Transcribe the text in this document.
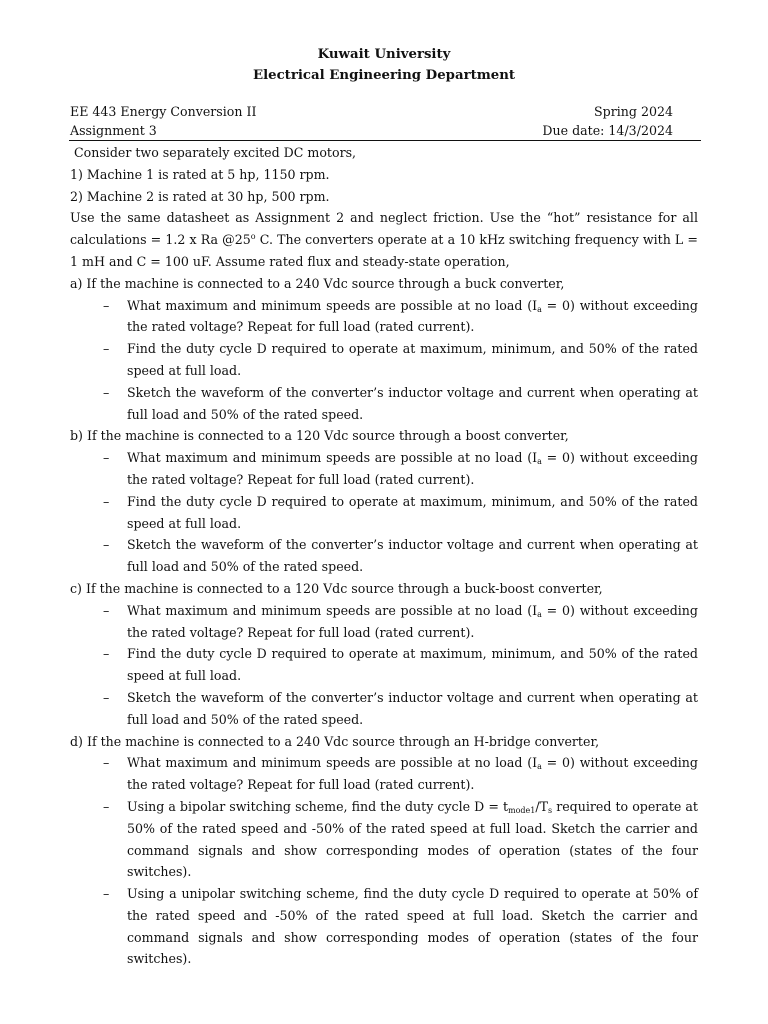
Kuwait University
Electrical Engineering Department
EE 443 Energy Conversion II	Spring 2024
Assignment 3	Due date: 14/3/2024

Consider two separately excited DC motors,

1) Machine 1 is rated at 5 hp, 1150 rpm.

2) Machine 2 is rated at 30 hp, 500 rpm.

Use the same datasheet as Assignment 2 and neglect friction. Use the “hot” resistance for all calculations = 1.2 x Ra @25$^o$ C. The converters operate at a 10 kHz switching frequency with L = 1 mH and C = 100 uF. Assume rated flux and steady-state operation,

a) If the machine is connected to a 240 Vdc source through a buck converter,

– What maximum and minimum speeds are possible at no load $(I_a = 0)$ without exceeding the rated voltage? Repeat for full load (rated current).
– Find the duty cycle D required to operate at maximum, minimum, and 50% of the rated speed at full load.
– Sketch the waveform of the converter’s inductor voltage and current when operating at full load and 50% of the rated speed.

b) If the machine is connected to a 120 Vdc source through a boost converter,

– What maximum and minimum speeds are possible at no load $(I_a = 0)$ without exceeding the rated voltage? Repeat for full load (rated current).
– Find the duty cycle D required to operate at maximum, minimum, and 50% of the rated speed at full load.
– Sketch the waveform of the converter’s inductor voltage and current when operating at full load and 50% of the rated speed.

c) If the machine is connected to a 120 Vdc source through a buck-boost converter,

– What maximum and minimum speeds are possible at no load $(I_a = 0)$ without exceeding the rated voltage? Repeat for full load (rated current).
– Find the duty cycle D required to operate at maximum, minimum, and 50% of the rated speed at full load.
– Sketch the waveform of the converter’s inductor voltage and current when operating at full load and 50% of the rated speed.

d) If the machine is connected to a 240 Vdc source through an H-bridge converter,

– What maximum and minimum speeds are possible at no load $(I_a = 0)$ without exceeding the rated voltage? Repeat for full load (rated current).
– Using a bipolar switching scheme, find the duty cycle $D = t_{mode1}/T_s$ required to operate at 50% of the rated speed and -50% of the rated speed at full load. Sketch the carrier and command signals and show corresponding modes of operation (states of the four switches).
– Using a unipolar switching scheme, find the duty cycle D required to operate at 50% of the rated speed and -50% of the rated speed at full load. Sketch the carrier and command signals and show corresponding modes of operation (states of the four switches).
